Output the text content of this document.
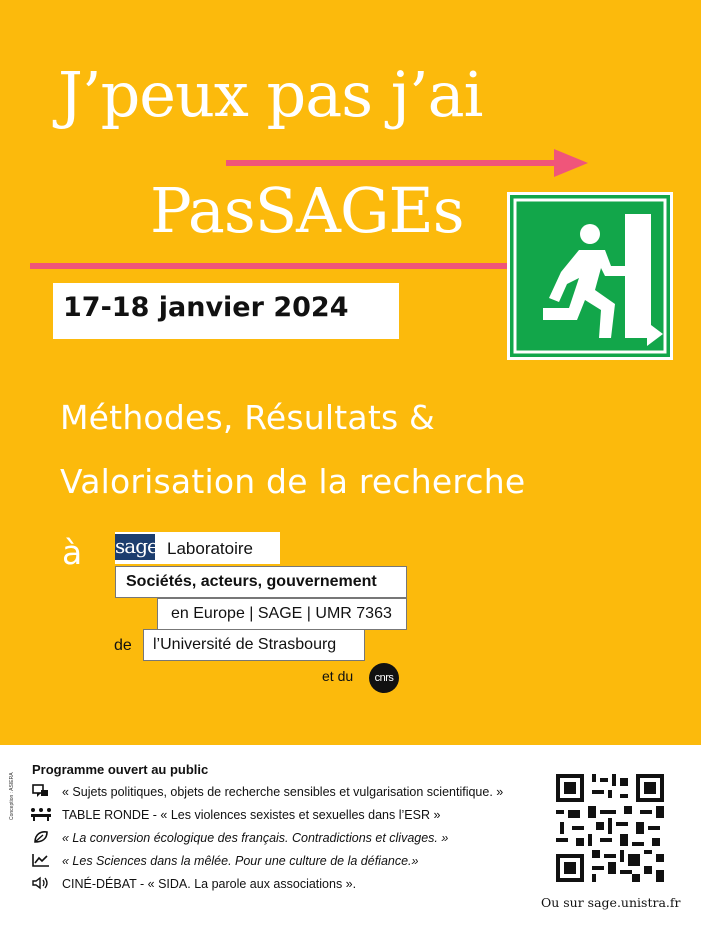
J’peux pas j’ai
PasSAGEs
17-18 janvier 2024
Méthodes, Résultats &
Valorisation de la recherche
à sage Laboratoire
Sociétés, acteurs, gouvernement
en Europe | SAGE | UMR 7363
de l’Université de Strasbourg
et du	cnrs
Conception : ASIERA
Programme ouvert au public
« Sujets politiques, objets de recherche sensibles et vulgarisation scientifique. »
TABLE RONDE - « Les violences sexistes et sexuelles dans l’ESR »
« La conversion écologique des français. Contradictions et clivages. »
« Les Sciences dans la mêlée. Pour une culture de la défiance.»
CINÉ-DÉBAT - « SIDA. La parole aux associations ».
Ou sur sage.unistra.fr
